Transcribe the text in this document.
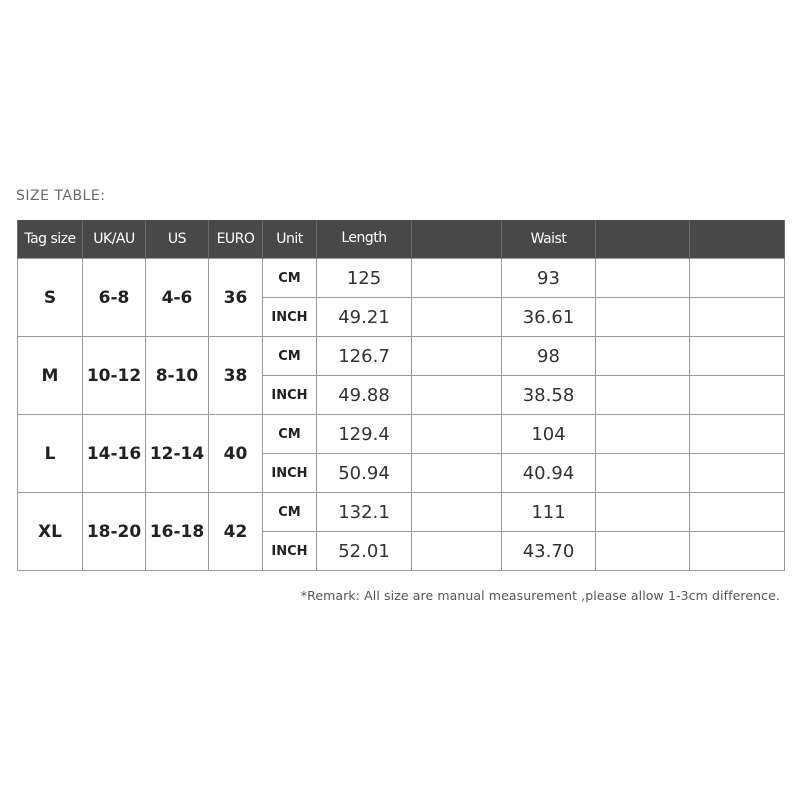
SIZE TABLE:
Tag size	UK/AU	US	EURO	Unit	Length		Waist		
S	6-8	4-6	36	CM	125		93		
				INCH	49.21		36.61		
M	10-12	8-10	38	CM	126.7		98		
				INCH	49.88		38.58		
L	14-16	12-14	40	CM	129.4		104		
				INCH	50.94		40.94		
XL	18-20	16-18	42	CM	132.1		111		
				INCH	52.01		43.70		
*Remark: All size are manual measurement ,please allow 1-3cm difference.
